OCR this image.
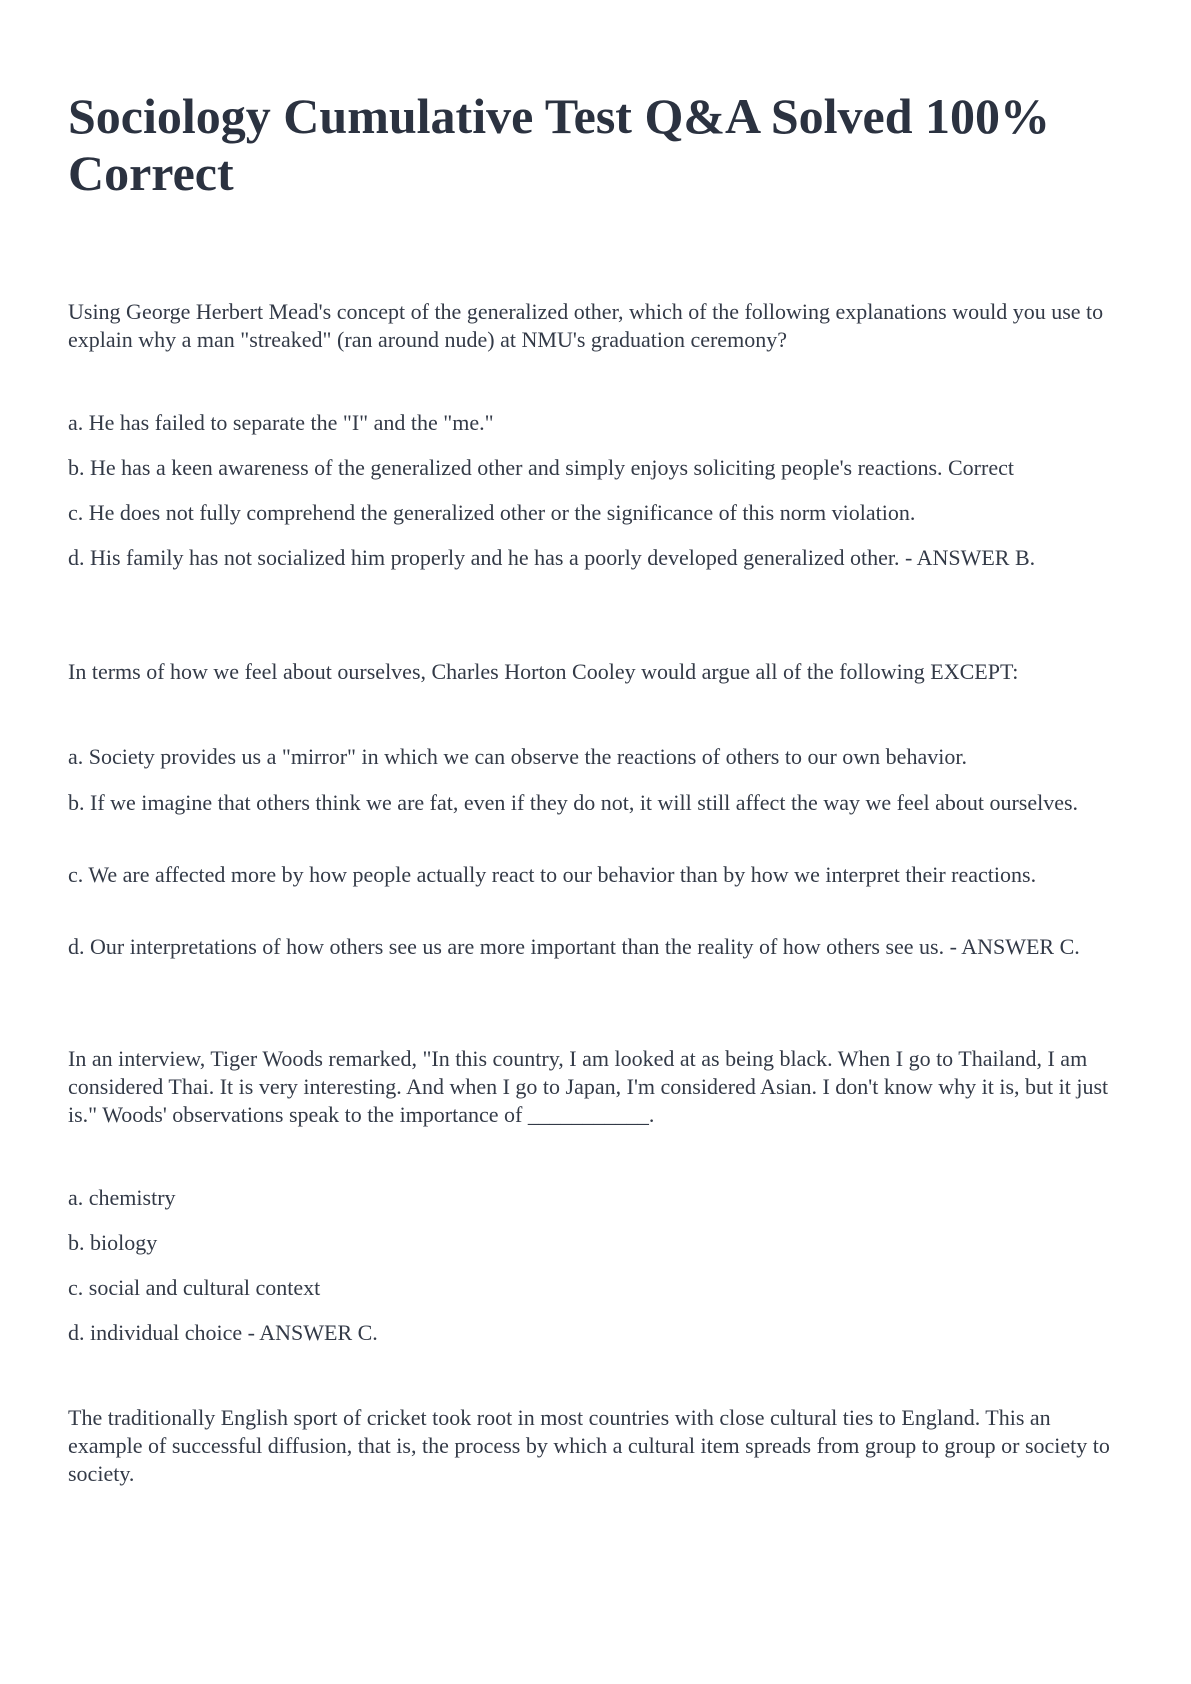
Sociology Cumulative Test Q&A Solved 100% Correct
Using George Herbert Mead's concept of the generalized other, which of the following explanations would you use to explain why a man "streaked" (ran around nude) at NMU's graduation ceremony?
a. He has failed to separate the "I" and the "me."
b. He has a keen awareness of the generalized other and simply enjoys soliciting people's reactions. Correct
c. He does not fully comprehend the generalized other or the significance of this norm violation.
d. His family has not socialized him properly and he has a poorly developed generalized other. - ANSWER B.
In terms of how we feel about ourselves, Charles Horton Cooley would argue all of the following EXCEPT:
a. Society provides us a "mirror" in which we can observe the reactions of others to our own behavior.
b. If we imagine that others think we are fat, even if they do not, it will still affect the way we feel about ourselves.
c. We are affected more by how people actually react to our behavior than by how we interpret their reactions.
d. Our interpretations of how others see us are more important than the reality of how others see us. - ANSWER C.
In an interview, Tiger Woods remarked, "In this country, I am looked at as being black. When I go to Thailand, I am considered Thai. It is very interesting. And when I go to Japan, I'm considered Asian. I don't know why it is, but it just is." Woods' observations speak to the importance of ___________.
a. chemistry
b. biology
c. social and cultural context
d. individual choice - ANSWER C.
The traditionally English sport of cricket took root in most countries with close cultural ties to England. This an example of successful diffusion, that is, the process by which a cultural item spreads from group to group or society to society.
